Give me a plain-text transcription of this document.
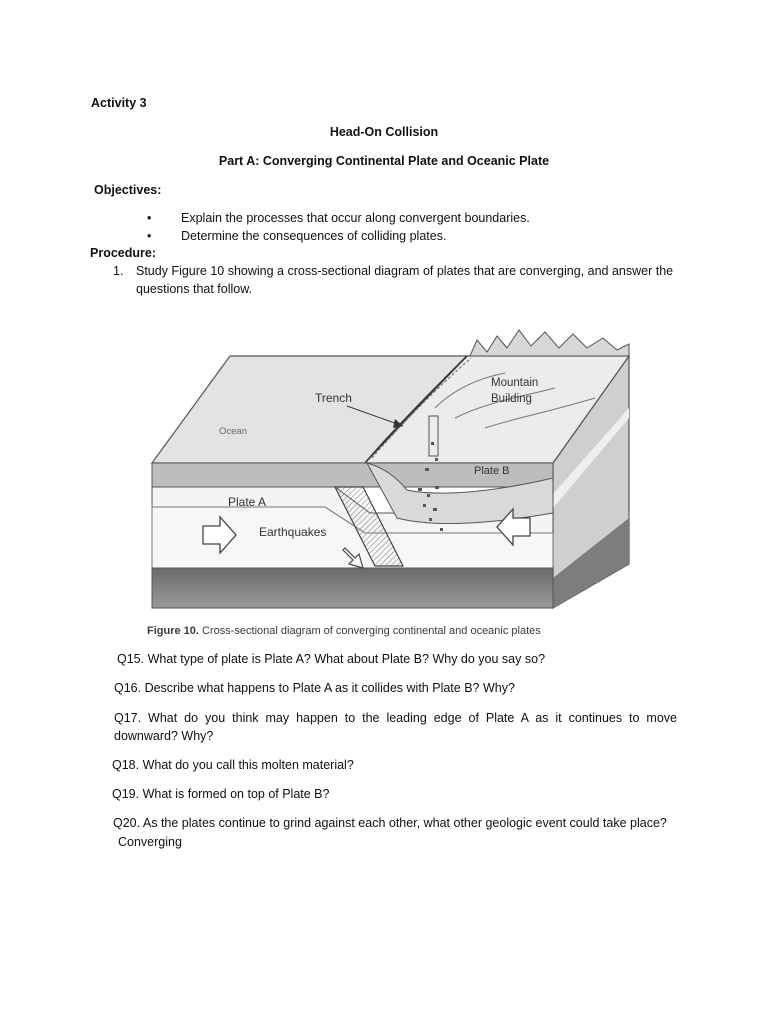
Activity 3
Head-On Collision
Part A: Converging Continental Plate and Oceanic Plate
Objectives:
• Explain the processes that occur along convergent boundaries.
• Determine the consequences of colliding plates.
Procedure:
1. Study Figure 10 showing a cross-sectional diagram of plates that are converging, and answer the
questions that follow.
Trench
Mountain
Building
Ocean
Plate B
Plate A
Earthquakes
Figure 10. Cross-sectional diagram of converging continental and oceanic plates
Q15. What type of plate is Plate A? What about Plate B? Why do you say so?
Q16. Describe what happens to Plate A as it collides with Plate B? Why?
Q17. What do you think may happen to the leading edge of Plate A as it continues to move
downward? Why?
Q18. What do you call this molten material?
Q19. What is formed on top of Plate B?
Q20. As the plates continue to grind against each other, what other geologic event could take place?
Converging
